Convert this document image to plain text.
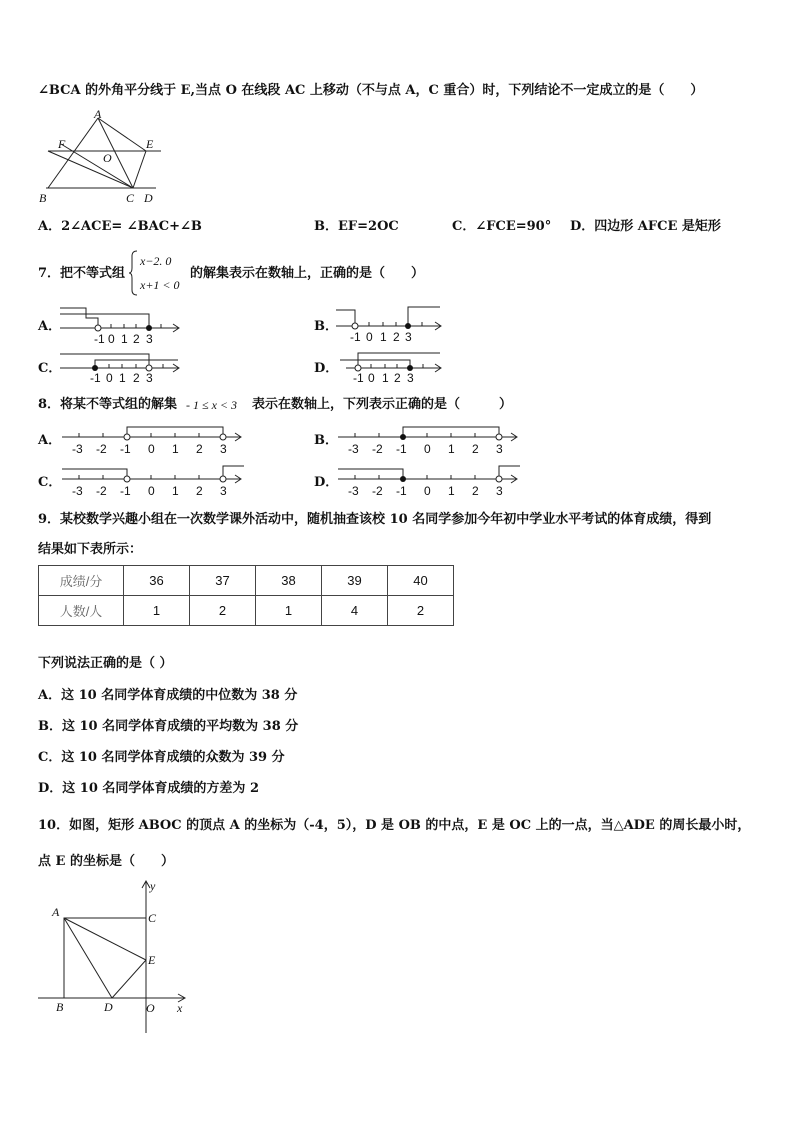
∠BCA 的外角平分线于 E,当点 O 在线段 AC 上移动（不与点 A，C 重合）时，下列结论不一定成立的是（　　）
A
F	E
O
B	C D
A．2∠ACE= ∠BAC+∠B	B．EF=2OC	C．∠FCE=90° D．四边形 AFCE 是矩形
7．把不等式组
x−2. 0
x+1 < 0
的解集表示在数轴上，正确的是（　　）
A．
-1 0 1 2 3
B．
-1 0 1 2 3
C．
-1 0 1 2 3
D．
-1 0 1 2 3
8．将某不等式组的解集 - 1 ≤ x < 3 表示在数轴上，下列表示正确的是（　　　）
A．
-3 -2 -1 0 1 2 3
B．
-3 -2 -1 0 1 2 3
C．
-3 -2 -1 0 1 2 3
D．
-3 -2 -1 0 1 2 3
9．某校数学兴趣小组在一次数学课外活动中，随机抽查该校 10 名同学参加今年初中学业水平考试的体育成绩，得到
结果如下表所示：
成绩/分	36	37	38	39	40
人数/人	1	2	1	4	2
下列说法正确的是（ ）
A．这 10 名同学体育成绩的中位数为 38 分
B．这 10 名同学体育成绩的平均数为 38 分
C．这 10 名同学体育成绩的众数为 39 分
D．这 10 名同学体育成绩的方差为 2
10．如图，矩形 ABOC 的顶点 A 的坐标为（-4，5），D 是 OB 的中点，E 是 OC 上的一点，当△ADE 的周长最小时，
点 E 的坐标是（　　）
A	C
E
B	D	O x
y
